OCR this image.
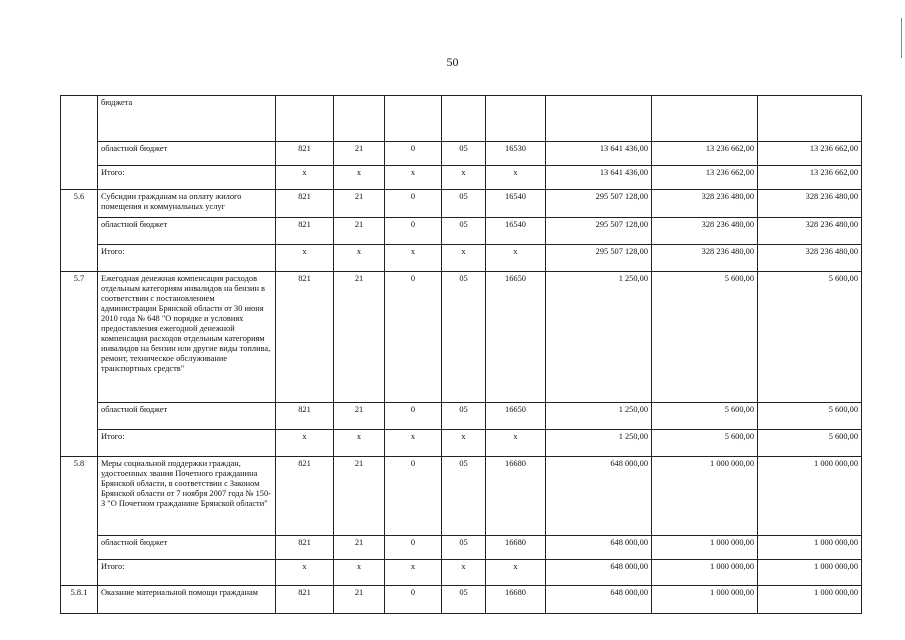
50
	бюджета								
	областной бюджет	821	21	0	05	16530	13 641 436,00	13 236 662,00	13 236 662,00
	Итого:	x	x	x	x	x	13 641 436,00	13 236 662,00	13 236 662,00
5.6	Субсидии гражданам на оплату жилого помещения и коммунальных услуг	821	21	0	05	16540	295 507 128,00	328 236 480,00	328 236 480,00
	областной бюджет	821	21	0	05	16540	295 507 128,00	328 236 480,00	328 236 480,00
	Итого:	x	x	x	x	x	295 507 128,00	328 236 480,00	328 236 480,00
5.7	Ежегодная денежная компенсация расходов отдельным категориям инвалидов на бензин в соответствии с постановлением администрации Брянской области от 30 июня 2010 года № 648 "О порядке и условиях предоставления ежегодной денежной компенсации расходов отдельным категориям инвалидов на бензин или другие виды топлива, ремонт, техническое обслуживание транспортных средств"	821	21	0	05	16650	1 250,00	5 600,00	5 600,00
	областной бюджет	821	21	0	05	16650	1 250,00	5 600,00	5 600,00
	Итого:	x	x	x	x	x	1 250,00	5 600,00	5 600,00
5.8	Меры социальной поддержки граждан, удостоенных звания Почетного гражданина Брянской области, в соответствии с Законом Брянской области от 7 ноября 2007 года № 150-З "О Почетном гражданине Брянской области"	821	21	0	05	16680	648 000,00	1 000 000,00	1 000 000,00
	областной бюджет	821	21	0	05	16680	648 000,00	1 000 000,00	1 000 000,00
	Итого:	x	x	x	x	x	648 000,00	1 000 000,00	1 000 000,00
5.8.1	Оказание материальной помощи гражданам	821	21	0	05	16680	648 000,00	1 000 000,00	1 000 000,00
